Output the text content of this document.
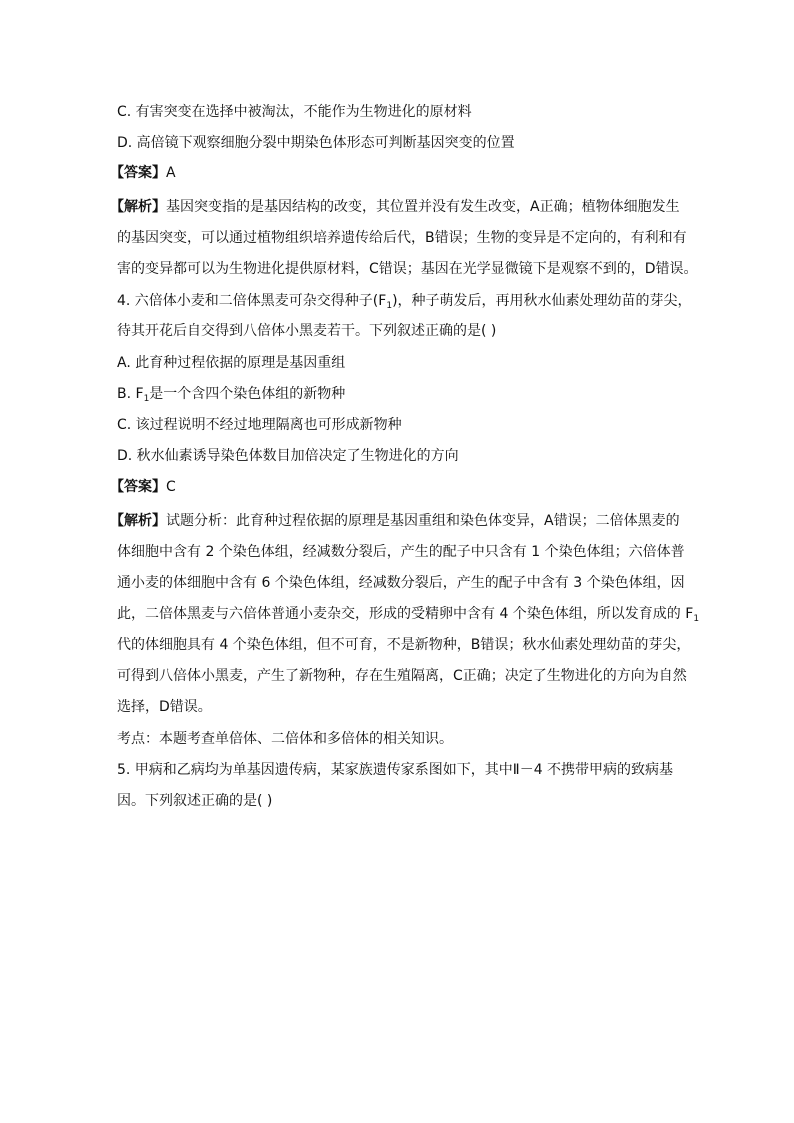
C. 有害突变在选择中被淘汰，不能作为生物进化的原材料
D. 高倍镜下观察细胞分裂中期染色体形态可判断基因突变的位置
【答案】A
【解析】基因突变指的是基因结构的改变，其位置并没有发生改变，A正确；植物体细胞发生
的基因突变，可以通过植物组织培养遗传给后代，B错误；生物的变异是不定向的，有利和有
害的变异都可以为生物进化提供原材料，C错误；基因在光学显微镜下是观察不到的，D错误。
4. 六倍体小麦和二倍体黑麦可杂交得种子$(F_1)$，种子萌发后，再用秋水仙素处理幼苗的芽尖，
待其开花后自交得到八倍体小黑麦若干。下列叙述正确的是( )
A. 此育种过程依据的原理是基因重组
B. $F_1$是一个含四个染色体组的新物种
C. 该过程说明不经过地理隔离也可形成新物种
D. 秋水仙素诱导染色体数目加倍决定了生物进化的方向
【答案】C
【解析】试题分析：此育种过程依据的原理是基因重组和染色体变异，A错误；二倍体黑麦的
体细胞中含有 2 个染色体组，经减数分裂后，产生的配子中只含有 1 个染色体组；六倍体普
通小麦的体细胞中含有 6 个染色体组，经减数分裂后，产生的配子中含有 3 个染色体组，因
此，二倍体黑麦与六倍体普通小麦杂交，形成的受精卵中含有 4 个染色体组，所以发育成的 $F_1$
代的体细胞具有 4 个染色体组，但不可育，不是新物种，B错误；秋水仙素处理幼苗的芽尖，
可得到八倍体小黑麦，产生了新物种，存在生殖隔离，C正确；决定了生物进化的方向为自然
选择，D错误。
考点：本题考查单倍体、二倍体和多倍体的相关知识。
5. 甲病和乙病均为单基因遗传病，某家族遗传家系图如下，其中Ⅱ－4 不携带甲病的致病基
因。下列叙述正确的是( )
